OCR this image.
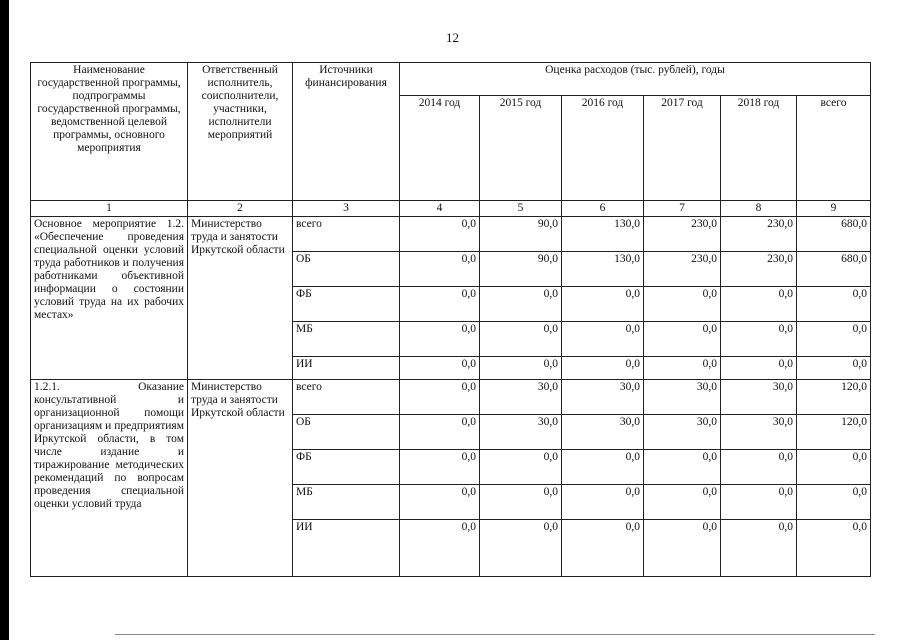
12
Наименование государственной программы, подпрограммы государственной программы, ведомственной целевой программы, основного мероприятия	Ответственный исполнитель, соисполнители, участники, исполнители мероприятий	Источники финансирования	Оценка расходов (тыс. рублей), годы					
			2014 год	2015 год	2016 год	2017 год	2018 год	всего
1	2	3	4	5	6	7	8	9
Основное мероприятие 1.2. «Обеспечение проведения специальной оценки условий труда работников и получения работниками объективной информации о состоянии условий труда на их рабочих местах»	Министерство труда и занятости Иркутской области	всего	0,0	90,0	130,0	230,0	230,0	680,0
		ОБ	0,0	90,0	130,0	230,0	230,0	680,0
		ФБ	0,0	0,0	0,0	0,0	0,0	0,0
		МБ	0,0	0,0	0,0	0,0	0,0	0,0
		ИИ	0,0	0,0	0,0	0,0	0,0	0,0
1.2.1. Оказание консультативной и организационной помощи организациям и предприятиям Иркутской области, в том числе издание и тиражирование методических рекомендаций по вопросам проведения специальной оценки условий труда	Министерство труда и занятости Иркутской области	всего	0,0	30,0	30,0	30,0	30,0	120,0
		ОБ	0,0	30,0	30,0	30,0	30,0	120,0
		ФБ	0,0	0,0	0,0	0,0	0,0	0,0
		МБ	0,0	0,0	0,0	0,0	0,0	0,0
		ИИ	0,0	0,0	0,0	0,0	0,0	0,0
